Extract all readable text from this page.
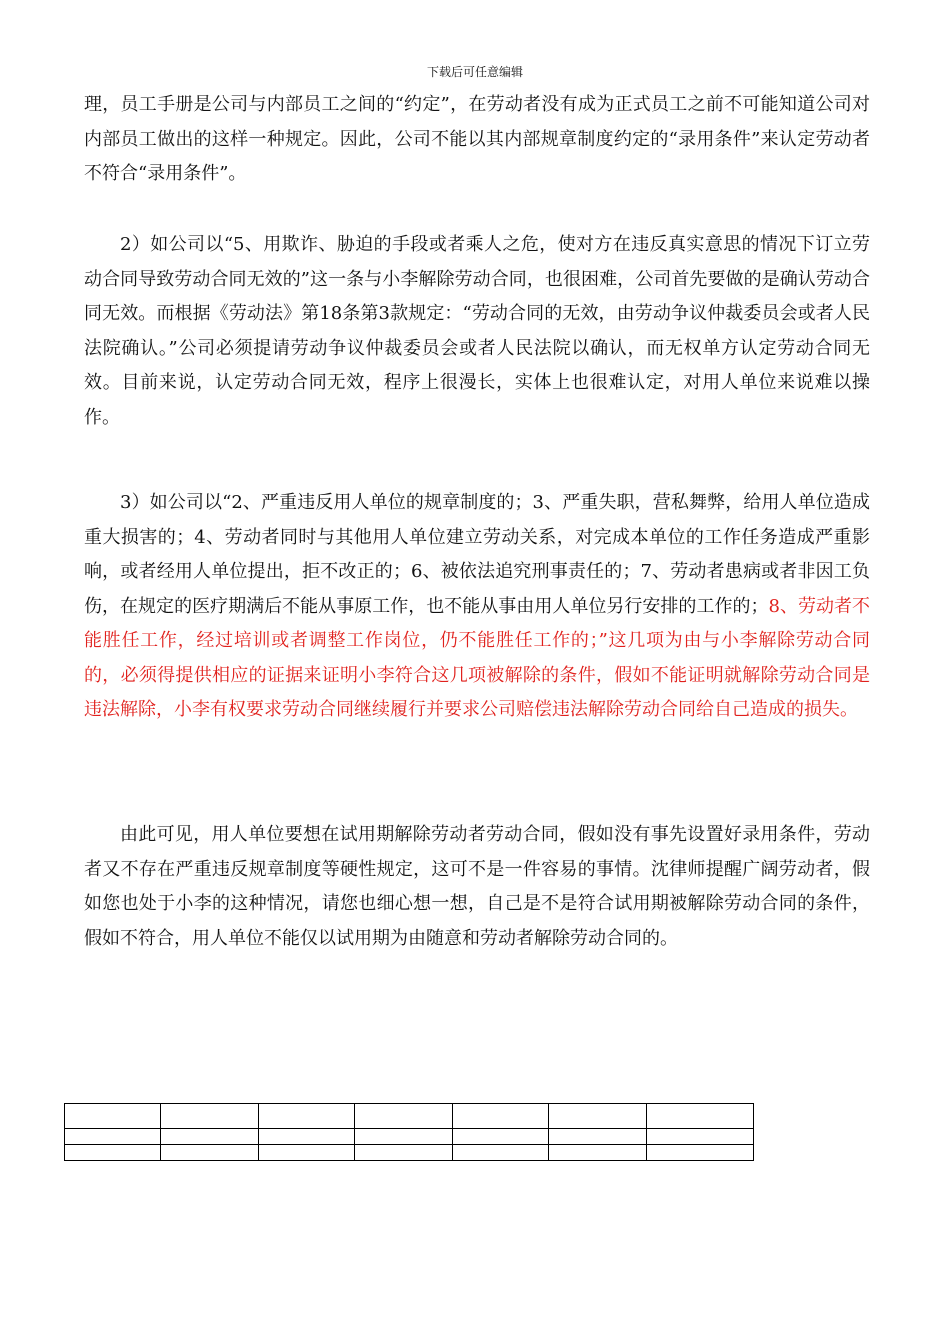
下载后可任意编辑

理，员工手册是公司与内部员工之间的“约定”，在劳动者没有成为正式员工之前不可能知道公司对内部员工做出的这样一种规定。因此，公司不能以其内部规章制度约定的“录用条件”来认定劳动者不符合“录用条件”。

2）如公司以“5、用欺诈、胁迫的手段或者乘人之危，使对方在违反真实意思的情况下订立劳动合同导致劳动合同无效的”这一条与小李解除劳动合同，也很困难，公司首先要做的是确认劳动合同无效。而根据《劳动法》第18条第3款规定：“劳动合同的无效，由劳动争议仲裁委员会或者人民法院确认。”公司必须提请劳动争议仲裁委员会或者人民法院以确认，而无权单方认定劳动合同无效。目前来说，认定劳动合同无效，程序上很漫长，实体上也很难认定，对用人单位来说难以操作。

3）如公司以“2、严重违反用人单位的规章制度的；3、严重失职，营私舞弊，给用人单位造成重大损害的；4、劳动者同时与其他用人单位建立劳动关系，对完成本单位的工作任务造成严重影响，或者经用人单位提出，拒不改正的；6、被依法追究刑事责任的；7、劳动者患病或者非因工负伤，在规定的医疗期满后不能从事原工作，也不能从事由用人单位另行安排的工作的；8、劳动者不能胜任工作，经过培训或者调整工作岗位，仍不能胜任工作的；”这几项为由与小李解除劳动合同的，必须得提供相应的证据来证明小李符合这几项被解除的条件，假如不能证明就解除劳动合同是违法解除，小李有权要求劳动合同继续履行并要求公司赔偿违法解除劳动合同给自己造成的损失。

由此可见，用人单位要想在试用期解除劳动者劳动合同，假如没有事先设置好录用条件，劳动者又不存在严重违反规章制度等硬性规定，这可不是一件容易的事情。沈律师提醒广阔劳动者，假如您也处于小李的这种情况，请您也细心想一想，自己是不是符合试用期被解除劳动合同的条件，假如不符合，用人单位不能仅以试用期为由随意和劳动者解除劳动合同的。
